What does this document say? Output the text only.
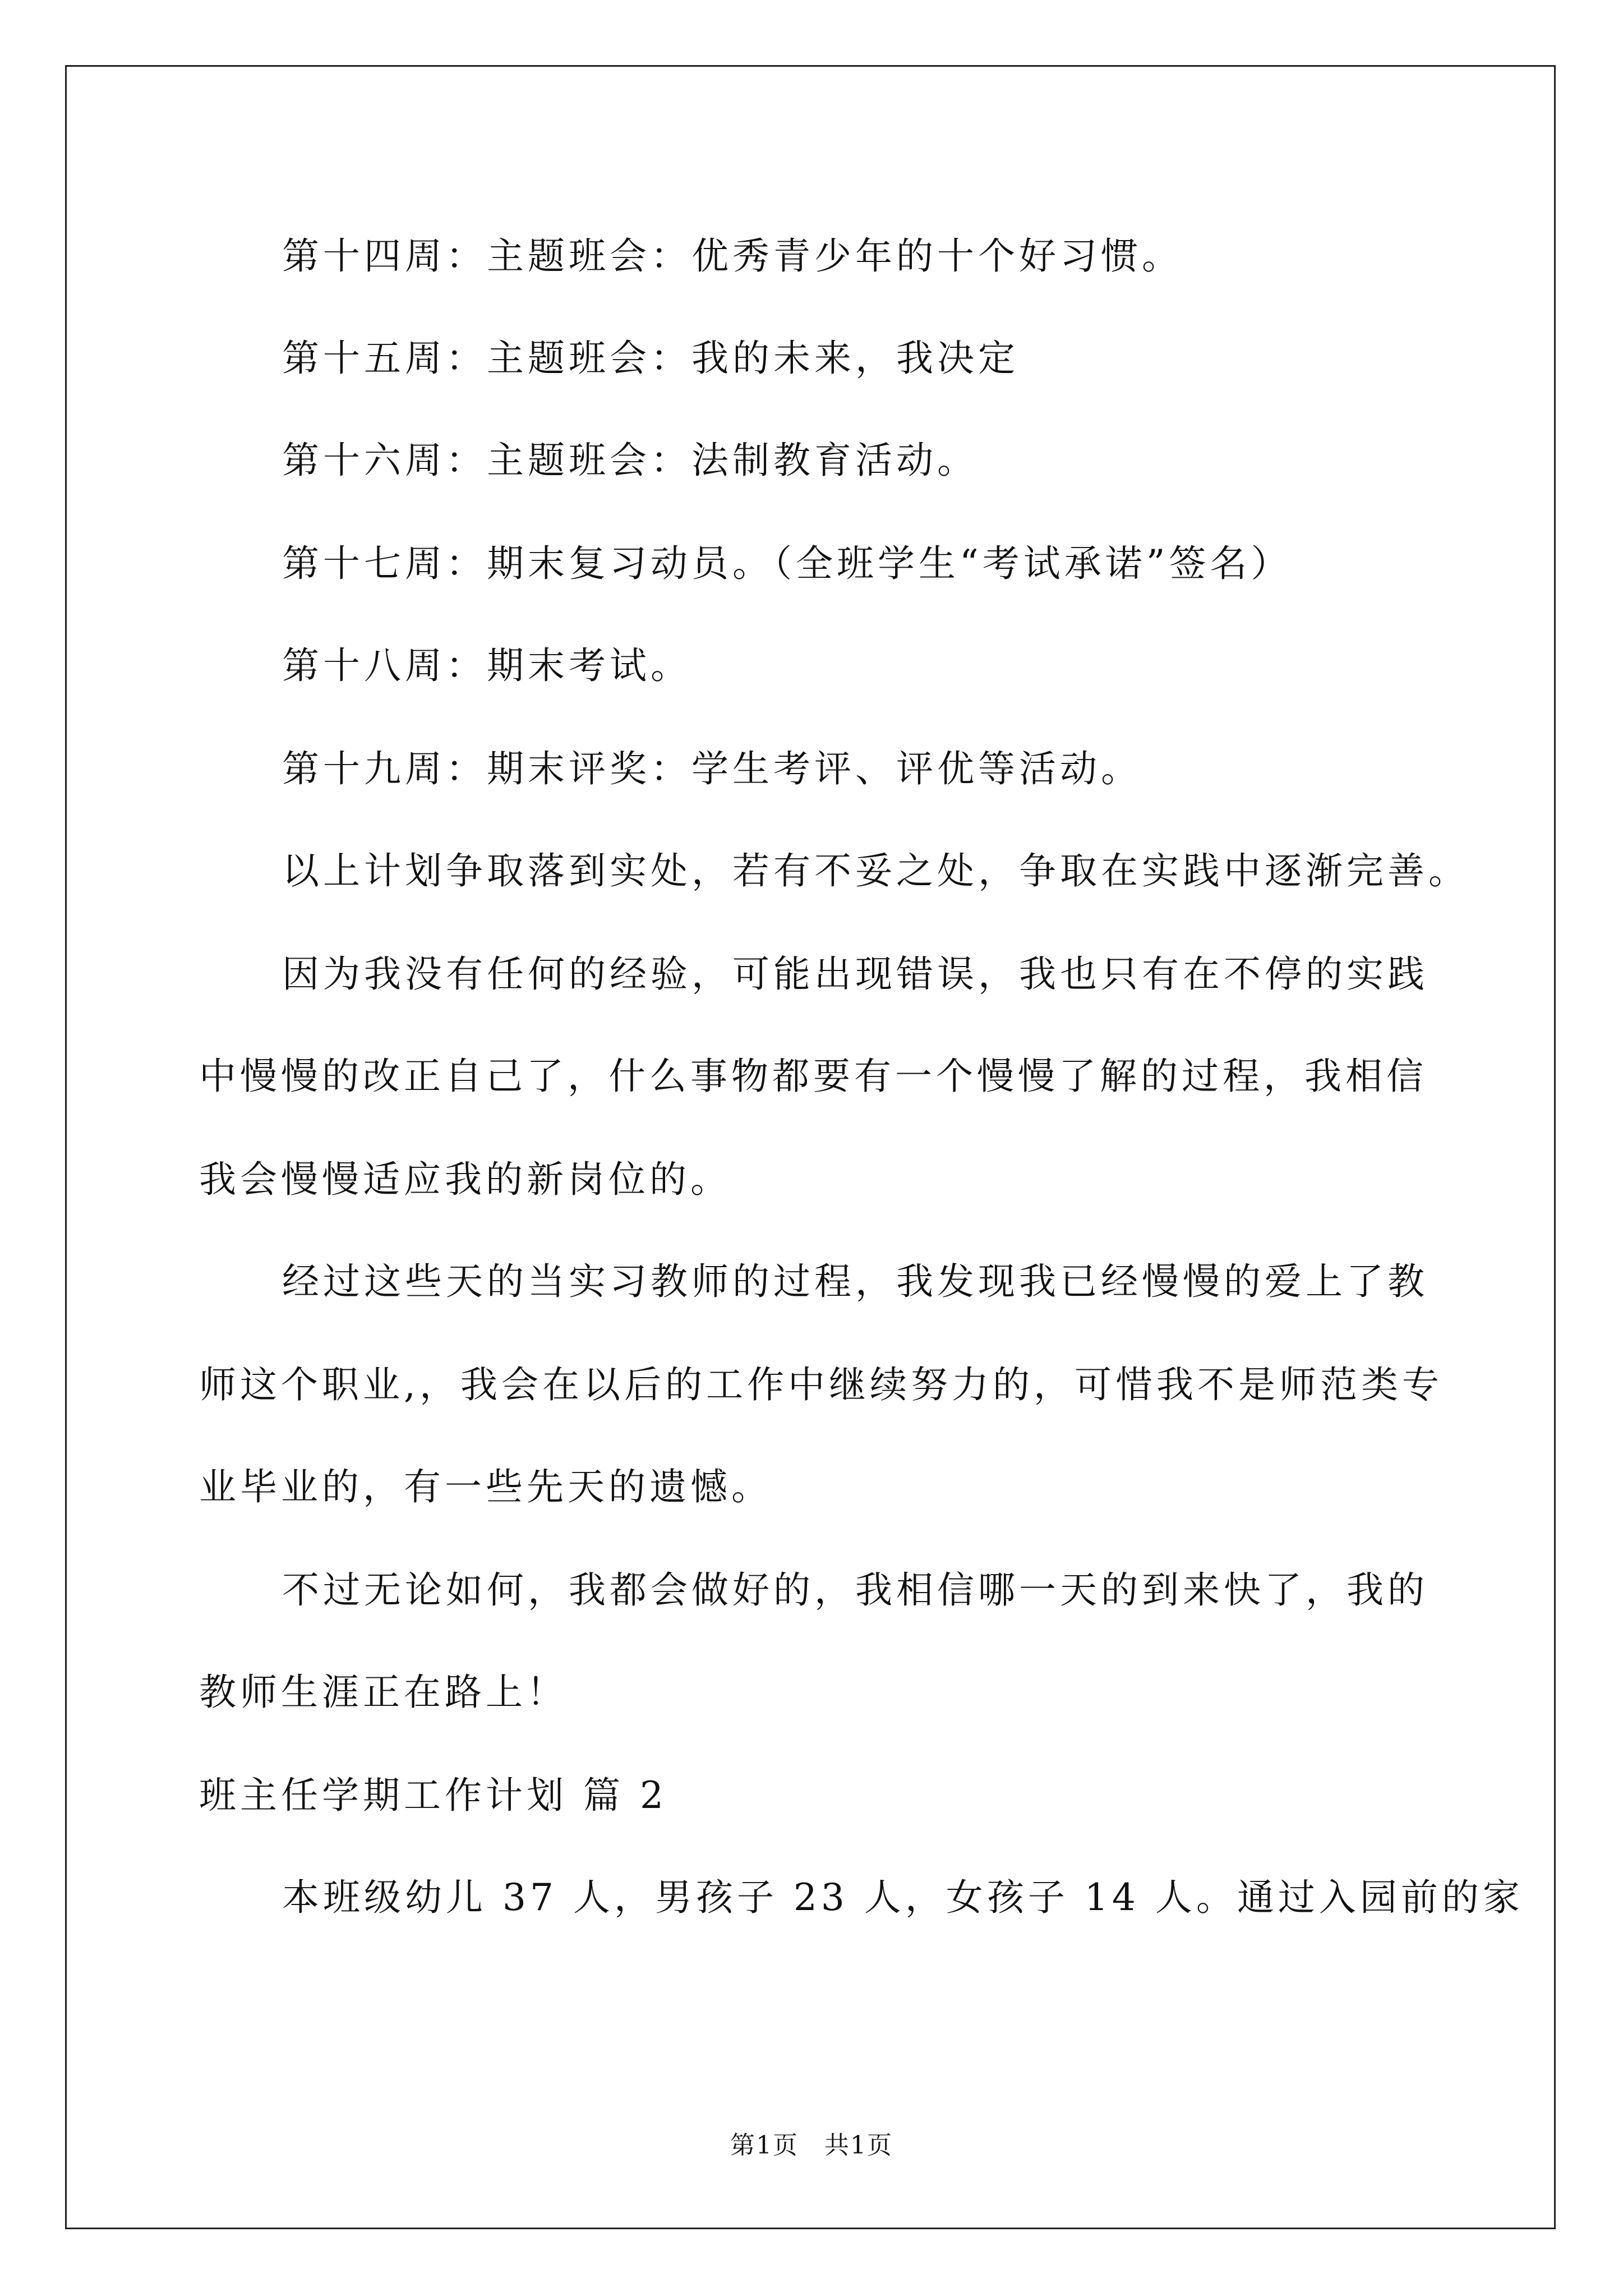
第十四周：主题班会：优秀青少年的十个好习惯。
第十五周：主题班会：我的未来，我决定
第十六周：主题班会：法制教育活动。
第十七周：期末复习动员。（全班学生“考试承诺”签名）
第十八周：期末考试。
第十九周：期末评奖：学生考评、评优等活动。
以上计划争取落到实处，若有不妥之处，争取在实践中逐渐完善。
因为我没有任何的经验，可能出现错误，我也只有在不停的实践
中慢慢的改正自己了，什么事物都要有一个慢慢了解的过程，我相信
我会慢慢适应我的新岗位的。
经过这些天的当实习教师的过程，我发现我已经慢慢的爱上了教
师这个职业,，我会在以后的工作中继续努力的，可惜我不是师范类专
业毕业的，有一些先天的遗憾。
不过无论如何，我都会做好的，我相信哪一天的到来快了，我的
教师生涯正在路上！
班主任学期工作计划 篇 2
本班级幼儿 37 人，男孩子 23 人，女孩子 14 人。通过入园前的家
第1页　共1页
